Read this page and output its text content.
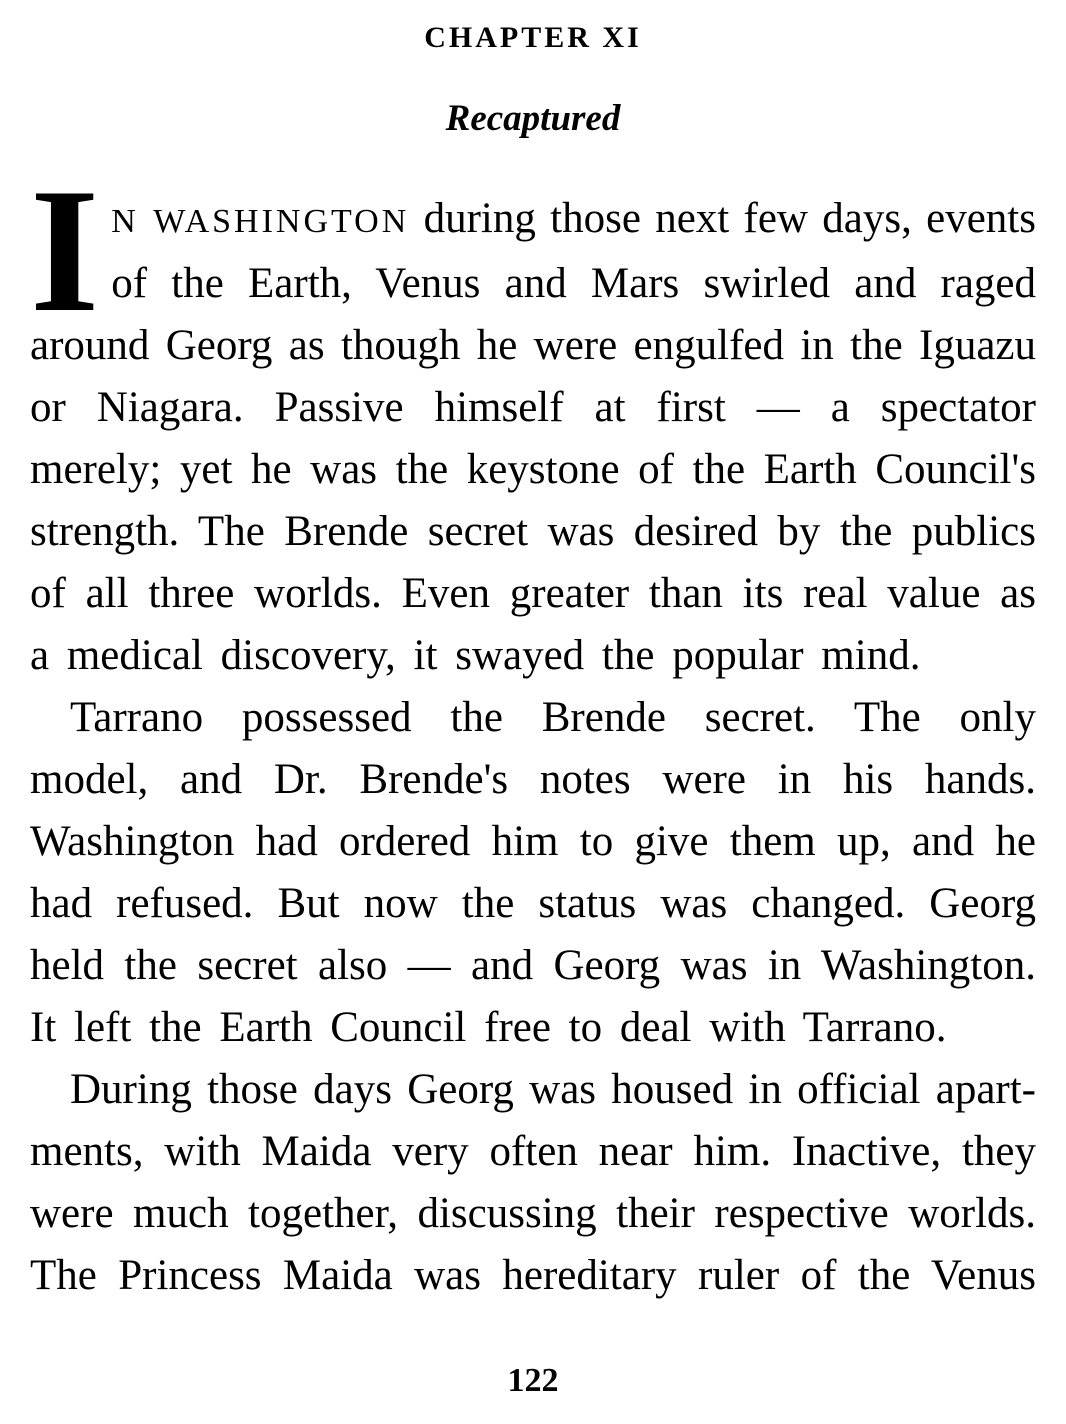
CHAPTER XI
Recaptured
I N WASHINGTON during those next few days, events
of the Earth, Venus and Mars swirled and raged
around Georg as though he were engulfed in the Iguazu
or Niagara. Passive himself at first — a spectator
merely; yet he was the keystone of the Earth Council's
strength. The Brende secret was desired by the publics
of all three worlds. Even greater than its real value as
a medical discovery, it swayed the popular mind.
Tarrano possessed the Brende secret. The only
model, and Dr. Brende's notes were in his hands.
Washington had ordered him to give them up, and he
had refused. But now the status was changed. Georg
held the secret also — and Georg was in Washington.
It left the Earth Council free to deal with Tarrano.
During those days Georg was housed in official apart-
ments, with Maida very often near him. Inactive, they
were much together, discussing their respective worlds.
The Princess Maida was hereditary ruler of the Venus
122
